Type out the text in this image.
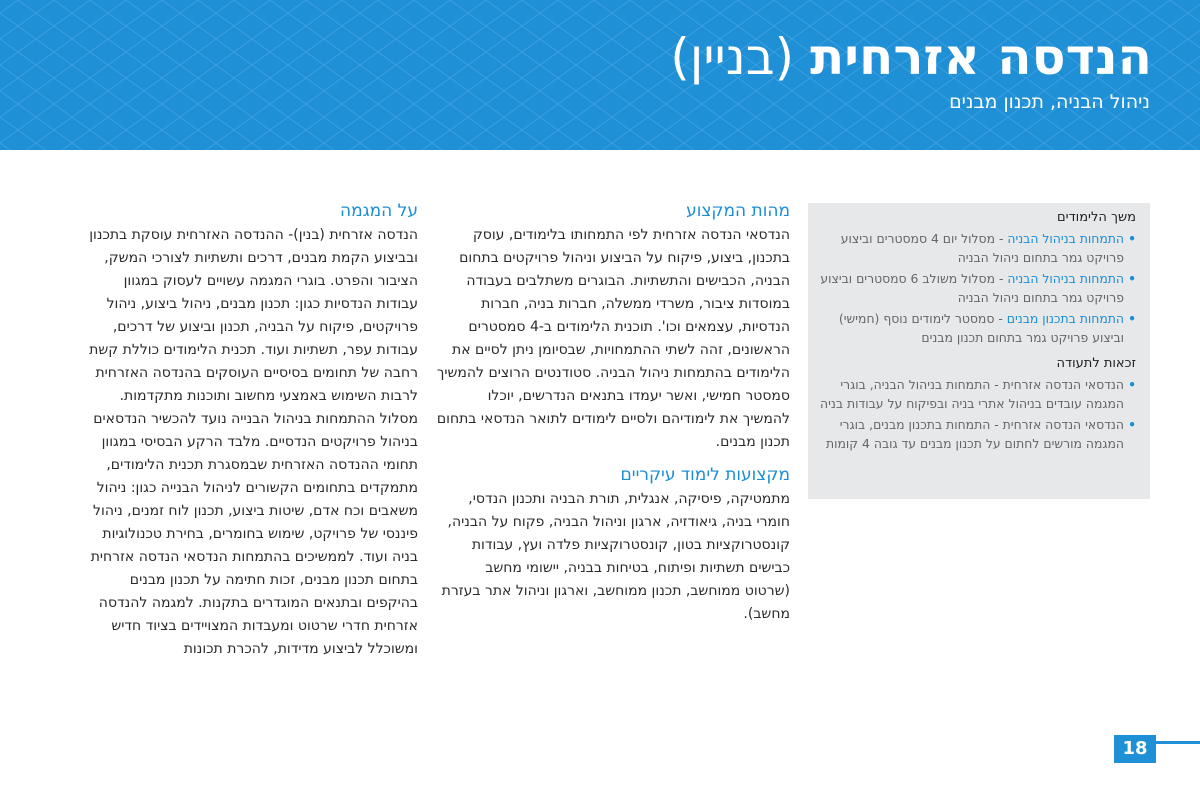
הנדסה אזרחית (בניין)
ניהול הבניה, תכנון מבנים
משך הלימודים
•
התמחות בניהול הבניה - מסלול יום 4 סמסטרים וביצוע פרויקט גמר בתחום ניהול הבניה
•
התמחות בניהול הבניה - מסלול משולב 6 סמסטרים וביצוע פרויקט גמר בתחום ניהול הבניה
•
התמחות בתכנון מבנים - סמסטר לימודים נוסף (חמישי) וביצוע פרויקט גמר בתחום תכנון מבנים
זכאות לתעודה
•
הנדסאי הנדסה אזרחית - התמחות בניהול הבניה, בוגרי המגמה עובדים בניהול אתרי בניה ובפיקוח על עבודות בניה
•
הנדסאי הנדסה אזרחית - התמחות בתכנון מבנים, בוגרי המגמה מורשים לחתום על תכנון מבנים עד גובה 4 קומות
מהות המקצוע

הנדסאי הנדסה אזרחית לפי התמחותו בלימודים, עוסק בתכנון, ביצוע, פיקוח על הביצוע וניהול פרויקטים בתחום הבניה, הכבישים והתשתיות. הבוגרים משתלבים בעבודה במוסדות ציבור, משרדי ממשלה, חברות בניה, חברות הנדסיות, עצמאים וכו'. תוכנית הלימודים ב-4 סמסטרים הראשונים, זהה לשתי ההתמחויות, שבסיומן ניתן לסיים את הלימודים בהתמחות ניהול הבניה. סטודנטים הרוצים להמשיך סמסטר חמישי, ואשר יעמדו בתנאים הנדרשים, יוכלו להמשיך את לימודיהם ולסיים לימודים לתואר הנדסאי בתחום תכנון מבנים.

מקצועות לימוד עיקריים

מתמטיקה, פיסיקה, אנגלית, תורת הבניה ותכנון הנדסי, חומרי בניה, גיאודזיה, ארגון וניהול הבניה, פקוח על הבניה, קונסטרוקציות בטון, קונסטרוקציות פלדה ועץ, עבודות כבישים תשתיות ופיתוח, בטיחות בבניה, יישומי מחשב (שרטוט ממוחשב, תכנון ממוחשב, וארגון וניהול אתר בעזרת מחשב).

על המגמה

הנדסה אזרחית (בנין)- ההנדסה האזרחית עוסקת בתכנון ובביצוע הקמת מבנים, דרכים ותשתיות לצורכי המשק, הציבור והפרט. בוגרי המגמה עשויים לעסוק במגוון עבודות הנדסיות כגון: תכנון מבנים, ניהול ביצוע, ניהול פרויקטים, פיקוח על הבניה, תכנון וביצוע של דרכים, עבודות עפר, תשתיות ועוד. תכנית הלימודים כוללת קשת רחבה של תחומים בסיסיים העוסקים בהנדסה האזרחית לרבות השימוש באמצעי מחשוב ותוכנות מתקדמות. מסלול ההתמחות בניהול הבנייה נועד להכשיר הנדסאים בניהול פרויקטים הנדסיים. מלבד הרקע הבסיסי במגוון תחומי ההנדסה האזרחית שבמסגרת תכנית הלימודים, מתמקדים בתחומים הקשורים לניהול הבנייה כגון: ניהול משאבים וכח אדם, שיטות ביצוע, תכנון לוח זמנים, ניהול פיננסי של פרויקט, שימוש בחומרים, בחירת טכנולוגיות בניה ועוד. לממשיכים בהתמחות הנדסאי הנדסה אזרחית בתחום תכנון מבנים, זכות חתימה על תכנון מבנים בהיקפים ובתנאים המוגדרים בתקנות. למגמה להנדסה אזרחית חדרי שרטוט ומעבדות המצויידים בציוד חדיש ומשוכלל לביצוע מדידות, להכרת תכונות

18
